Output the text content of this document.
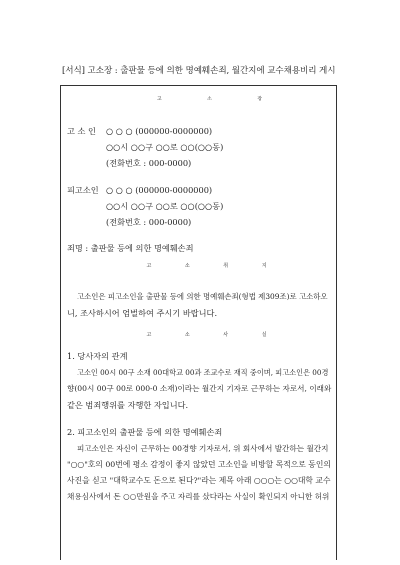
[서식] 고소장 : 출판물 등에 의한 명예훼손죄, 월간지에 교수채용비리 게시
고 소 장
고 소 인 ○ ○ ○ (000000-0000000)
○○시 ○○구 ○○로 ○○(○○동)
(전화번호 : 000-0000)
피고소인 ○ ○ ○ (000000-0000000)
○○시 ○○구 ○○로 ○○(○○동)
(전화번호 : 000-0000)
죄명 : 출판물 등에 의한 명예훼손죄
고 소 취 지
고소인은 피고소인을 출판물 등에 의한 명예훼손죄(형법 제309조)로 고소하오
니, 조사하시어 엄벌하여 주시기 바랍니다.
고 소 사 실
1. 당사자의 관계
고소인 00시 00구 소재 00대학교 00과 조교수로 재직 중이며, 피고소인은 00경
향(00시 00구 00로 000-0 소재)이라는 월간지 기자로 근무하는 자로서, 이래와
같은 범죄행위를 자행한 자입니다.
2. 피고소인의 출판물 등에 의한 명예훼손죄
피고소인은 자신이 근무하는 00경향 기자로서, 위 회사에서 발간하는 월간지
"○○"호의 00번에 평소 감정이 좋지 않았던 고소인을 비방할 목적으로 동인의
사진을 싣고 "대학교수도 돈으로 된다?"라는 제목 아래 ○○○는 ○○대학 교수
채용심사에서 돈 ○○만원을 주고 자리를 샀다라는 사실이 확인되지 아니한 허위
